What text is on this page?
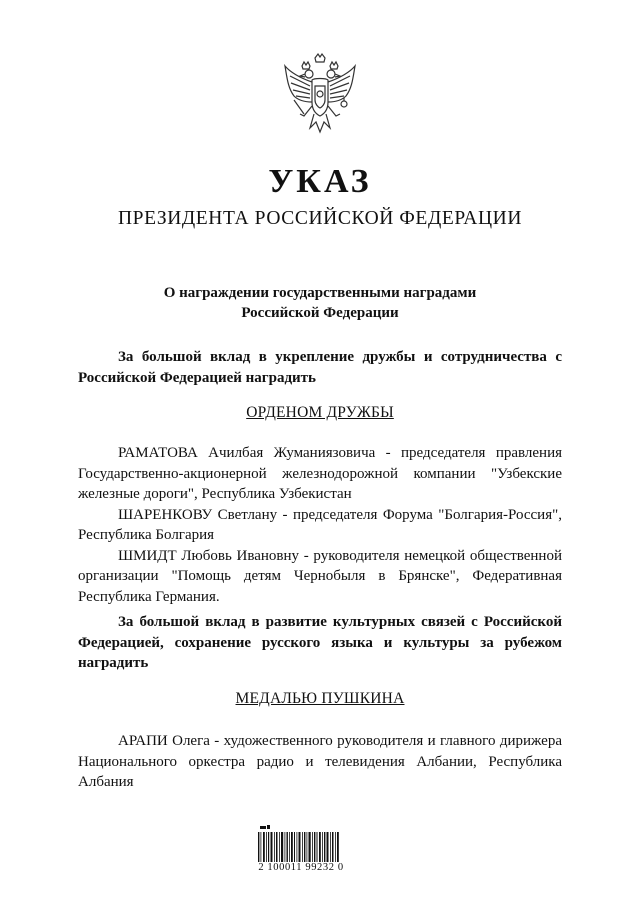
УКАЗ
ПРЕЗИДЕНТА РОССИЙСКОЙ ФЕДЕРАЦИИ
О награждении государственными наградами
Российской Федерации
За большой вклад в укрепление дружбы и сотрудничества с Российской Федерацией наградить
ОРДЕНОМ ДРУЖБЫ

РАМАТОВА Ачилбая Жуманиязовича - председателя правления Государственно-акционерной железнодорожной компании "Узбекские железные дороги", Республика Узбекистан

ШАРЕНКОВУ Светлану - председателя Форума "Болгария-Россия", Республика Болгария

ШМИДТ Любовь Ивановну - руководителя немецкой общественной организации "Помощь детям Чернобыля в Брянске", Федеративная Республика Германия.

За большой вклад в развитие культурных связей с Российской Федерацией, сохранение русского языка и культуры за рубежом наградить
МЕДАЛЬЮ ПУШКИНА

АРАПИ Олега - художественного руководителя и главного дирижера Национального оркестра радио и телевидения Албании, Республика Албания

2 100011 99232 0
